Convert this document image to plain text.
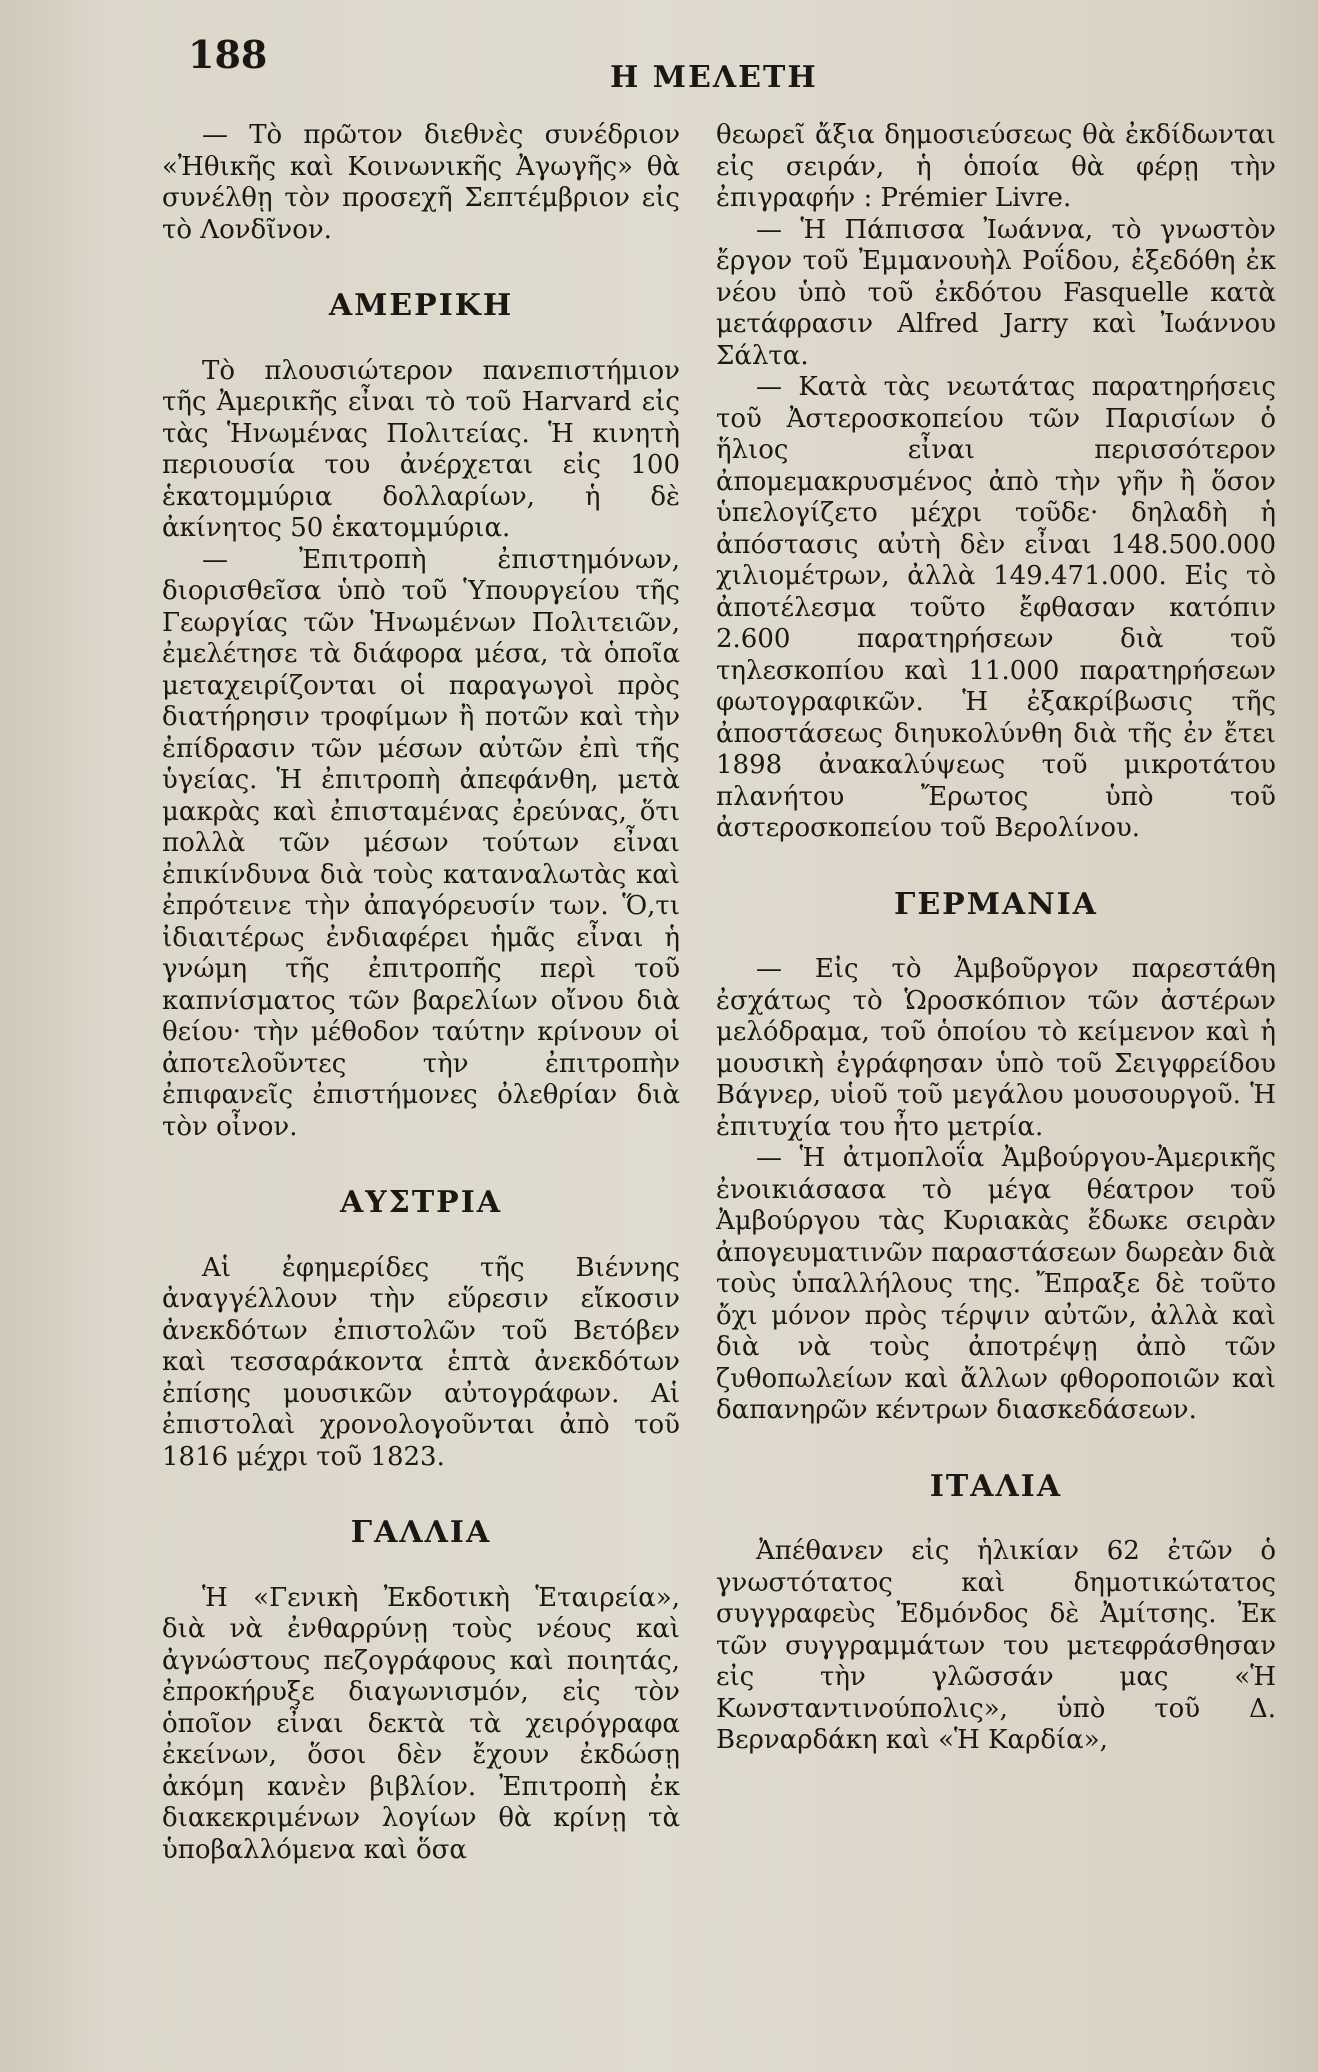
188
Η ΜΕΛΕΤΗ

— Τὸ πρῶτον διεθνὲς συνέδριον «Ἠθικῆς καὶ Κοινωνικῆς Ἀγωγῆς» θὰ συνέλθῃ τὸν προσεχῆ Σεπτέμβριον εἰς τὸ Λονδῖνον.

ΑΜΕΡΙΚΗ

Τὸ πλουσιώτερον πανεπιστήμιον τῆς Ἀμερικῆς εἶναι τὸ τοῦ Harvard εἰς τὰς Ἡνωμένας Πολιτείας. Ἡ κινητὴ περιουσία του ἀνέρχεται εἰς 100 ἑκατομμύρια δολλαρίων, ἡ δὲ ἀκίνητος 50 ἑκατομμύρια.

— Ἐπιτροπὴ ἐπιστημόνων, διορισθεῖσα ὑπὸ τοῦ Ὑπουργείου τῆς Γεωργίας τῶν Ἡνωμένων Πολιτειῶν, ἐμελέτησε τὰ διάφορα μέσα, τὰ ὁποῖα μεταχειρίζονται οἱ παραγωγοὶ πρὸς διατήρησιν τροφίμων ἢ ποτῶν καὶ τὴν ἐπίδρασιν τῶν μέσων αὐτῶν ἐπὶ τῆς ὑγείας. Ἡ ἐπιτροπὴ ἀπεφάνθη, μετὰ μακρὰς καὶ ἐπισταμένας ἐρεύνας, ὅτι πολλὰ τῶν μέσων τούτων εἶναι ἐπικίνδυνα διὰ τοὺς καταναλωτὰς καὶ ἐπρότεινε τὴν ἀπαγόρευσίν των. Ὅ,τι ἰδιαιτέρως ἐνδιαφέρει ἡμᾶς εἶναι ἡ γνώμη τῆς ἐπιτροπῆς περὶ τοῦ καπνίσματος τῶν βαρελίων οἴνου διὰ θείου· τὴν μέθοδον ταύτην κρίνουν οἱ ἀποτελοῦντες τὴν ἐπιτροπὴν ἐπιφανεῖς ἐπιστήμονες ὀλεθρίαν διὰ τὸν οἶνον.

ΑΥΣΤΡΙΑ

Αἱ ἐφημερίδες τῆς Βιέννης ἀναγγέλλουν τὴν εὕρεσιν εἴκοσιν ἀνεκδότων ἐπιστολῶν τοῦ Βετόβεν καὶ τεσσαράκοντα ἑπτὰ ἀνεκδότων ἐπίσης μουσικῶν αὐτογράφων. Αἱ ἐπιστολαὶ χρονολογοῦνται ἀπὸ τοῦ 1816 μέχρι τοῦ 1823.

ΓΑΛΛΙΑ

Ἡ «Γενικὴ Ἐκδοτικὴ Ἑταιρεία», διὰ νὰ ἐνθαρρύνῃ τοὺς νέους καὶ ἀγνώστους πεζογράφους καὶ ποιητάς, ἐπροκήρυξε διαγωνισμόν, εἰς τὸν ὁποῖον εἶναι δεκτὰ τὰ χειρόγραφα ἐκείνων, ὅσοι δὲν ἔχουν ἐκδώσῃ ἀκόμη κανὲν βιβλίον. Ἐπιτροπὴ ἐκ διακεκριμένων λογίων θὰ κρίνῃ τὰ ὑποβαλλόμενα καὶ ὅσα

θεωρεῖ ἄξια δημοσιεύσεως θὰ ἐκδίδωνται εἰς σειράν, ἡ ὁποία θὰ φέρῃ τὴν ἐπιγραφήν : Prémier Livre.

— Ἡ Πάπισσα Ἰωάννα, τὸ γνωστὸν ἔργον τοῦ Ἐμμανουὴλ Ροΐδου, ἐξεδόθη ἐκ νέου ὑπὸ τοῦ ἐκδότου Fasquelle κατὰ μετάφρασιν Alfred Jarry καὶ Ἰωάννου Σάλτα.

— Κατὰ τὰς νεωτάτας παρατηρήσεις τοῦ Ἀστεροσκοπείου τῶν Παρισίων ὁ ἥλιος εἶναι περισσότερον ἀπομεμακρυσμένος ἀπὸ τὴν γῆν ἢ ὅσον ὑπελογίζετο μέχρι τοῦδε· δηλαδὴ ἡ ἀπόστασις αὐτὴ δὲν εἶναι 148.500.000 χιλιομέτρων, ἀλλὰ 149.471.000. Εἰς τὸ ἀποτέλεσμα τοῦτο ἔφθασαν κατόπιν 2.600 παρατηρήσεων διὰ τοῦ τηλεσκοπίου καὶ 11.000 παρατηρήσεων φωτογραφικῶν. Ἡ ἐξακρίβωσις τῆς ἀποστάσεως διηυκολύνθη διὰ τῆς ἐν ἔτει 1898 ἀνακαλύψεως τοῦ μικροτάτου πλανήτου Ἔρωτος ὑπὸ τοῦ ἀστεροσκοπείου τοῦ Βερολίνου.

ΓΕΡΜΑΝΙΑ

— Εἰς τὸ Ἀμβοῦργον παρεστάθη ἐσχάτως τὸ Ὡροσκόπιον τῶν ἀστέρων μελόδραμα, τοῦ ὁποίου τὸ κείμενον καὶ ἡ μουσικὴ ἐγράφησαν ὑπὸ τοῦ Σειγφρείδου Βάγνερ, υἱοῦ τοῦ μεγάλου μουσουργοῦ. Ἡ ἐπιτυχία του ἦτο μετρία.

— Ἡ ἀτμοπλοΐα Ἀμβούργου-Ἀμερικῆς ἐνοικιάσασα τὸ μέγα θέατρον τοῦ Ἀμβούργου τὰς Κυριακὰς ἔδωκε σειρὰν ἀπογευματινῶν παραστάσεων δωρεὰν διὰ τοὺς ὑπαλλήλους της. Ἔπραξε δὲ τοῦτο ὄχι μόνον πρὸς τέρψιν αὐτῶν, ἀλλὰ καὶ διὰ νὰ τοὺς ἀποτρέψῃ ἀπὸ τῶν ζυθοπωλείων καὶ ἄλλων φθοροποιῶν καὶ δαπανηρῶν κέντρων διασκεδάσεων.

ΙΤΑΛΙΑ

Ἀπέθανεν εἰς ἡλικίαν 62 ἐτῶν ὁ γνωστότατος καὶ δημοτικώτατος συγγραφεὺς Ἐδμόνδος δὲ Ἀμίτσης. Ἐκ τῶν συγγραμμάτων του μετεφράσθησαν εἰς τὴν γλῶσσάν μας «Ἡ Κωνσταντινούπολις», ὑπὸ τοῦ Δ. Βερναρδάκη καὶ «Ἡ Καρδία»,
